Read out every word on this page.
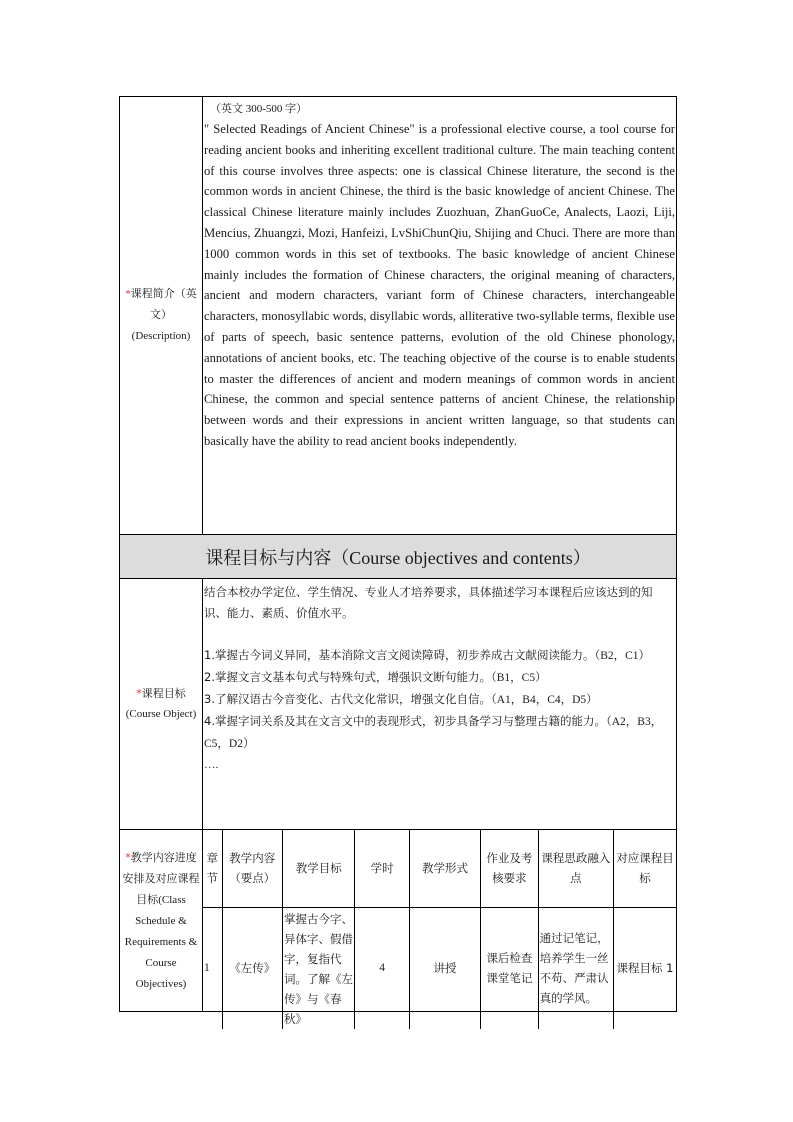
*课程简介（英
文）
(Description)
（英文 300-500 字）
" Selected Readings of Ancient Chinese" is a professional elective course, a tool course for reading ancient books and inheriting excellent traditional culture. The main teaching content of this course involves three aspects: one is classical Chinese literature, the second is the common words in ancient Chinese, the third is the basic knowledge of ancient Chinese. The classical Chinese literature mainly includes Zuozhuan, ZhanGuoCe, Analects, Laozi, Liji, Mencius, Zhuangzi, Mozi, Hanfeizi, LvShiChunQiu, Shijing and Chuci. There are more than 1000 common words in this set of textbooks. The basic knowledge of ancient Chinese mainly includes the formation of Chinese characters, the original meaning of characters, ancient and modern characters, variant form of Chinese characters, interchangeable characters, monosyllabic words, disyllabic words, alliterative two-syllable terms, flexible use of parts of speech, basic sentence patterns, evolution of the old Chinese phonology, annotations of ancient books, etc. The teaching objective of the course is to enable students to master the differences of ancient and modern meanings of common words in ancient Chinese, the common and special sentence patterns of ancient Chinese, the relationship between words and their expressions in ancient written language, so that students can basically have the ability to read ancient books independently.
课程目标与内容 （Course objectives and contents）
*课程目标
(Course Object)
结合本校办学定位、学生情况、专业人才培养要求，具体描述学习本课程后应该达到的知识、能力、素质、价值水平。
1.掌握古今词义异同，基本消除文言文阅读障碍，初步养成古文献阅读能力。（B2，C1）
2.掌握文言文基本句式与特殊句式，增强识文断句能力。（B1，C5）
3.了解汉语古今音变化、古代文化常识，增强文化自信。（A1，B4，C4，D5）
4.掌握字词关系及其在文言文中的表现形式，初步具备学习与整理古籍的能力。（A2，B3，C5，D2）
….
*教学内容进度安排及对应课程目标(Class
Schedule &
Requirements &
Course
Objectives)
章节	教学内容（要点）	教学目标	学时	教学形式	作业及考核要求	课程思政融入点	对应课程目标
1	《左传》	掌握古今字、异体字、假借字，复指代词。了解《左传》与《春秋》	4	讲授	课后检查课堂笔记	通过记笔记，培养学生一丝不苟、严肃认真的学风。	课程目标 1
